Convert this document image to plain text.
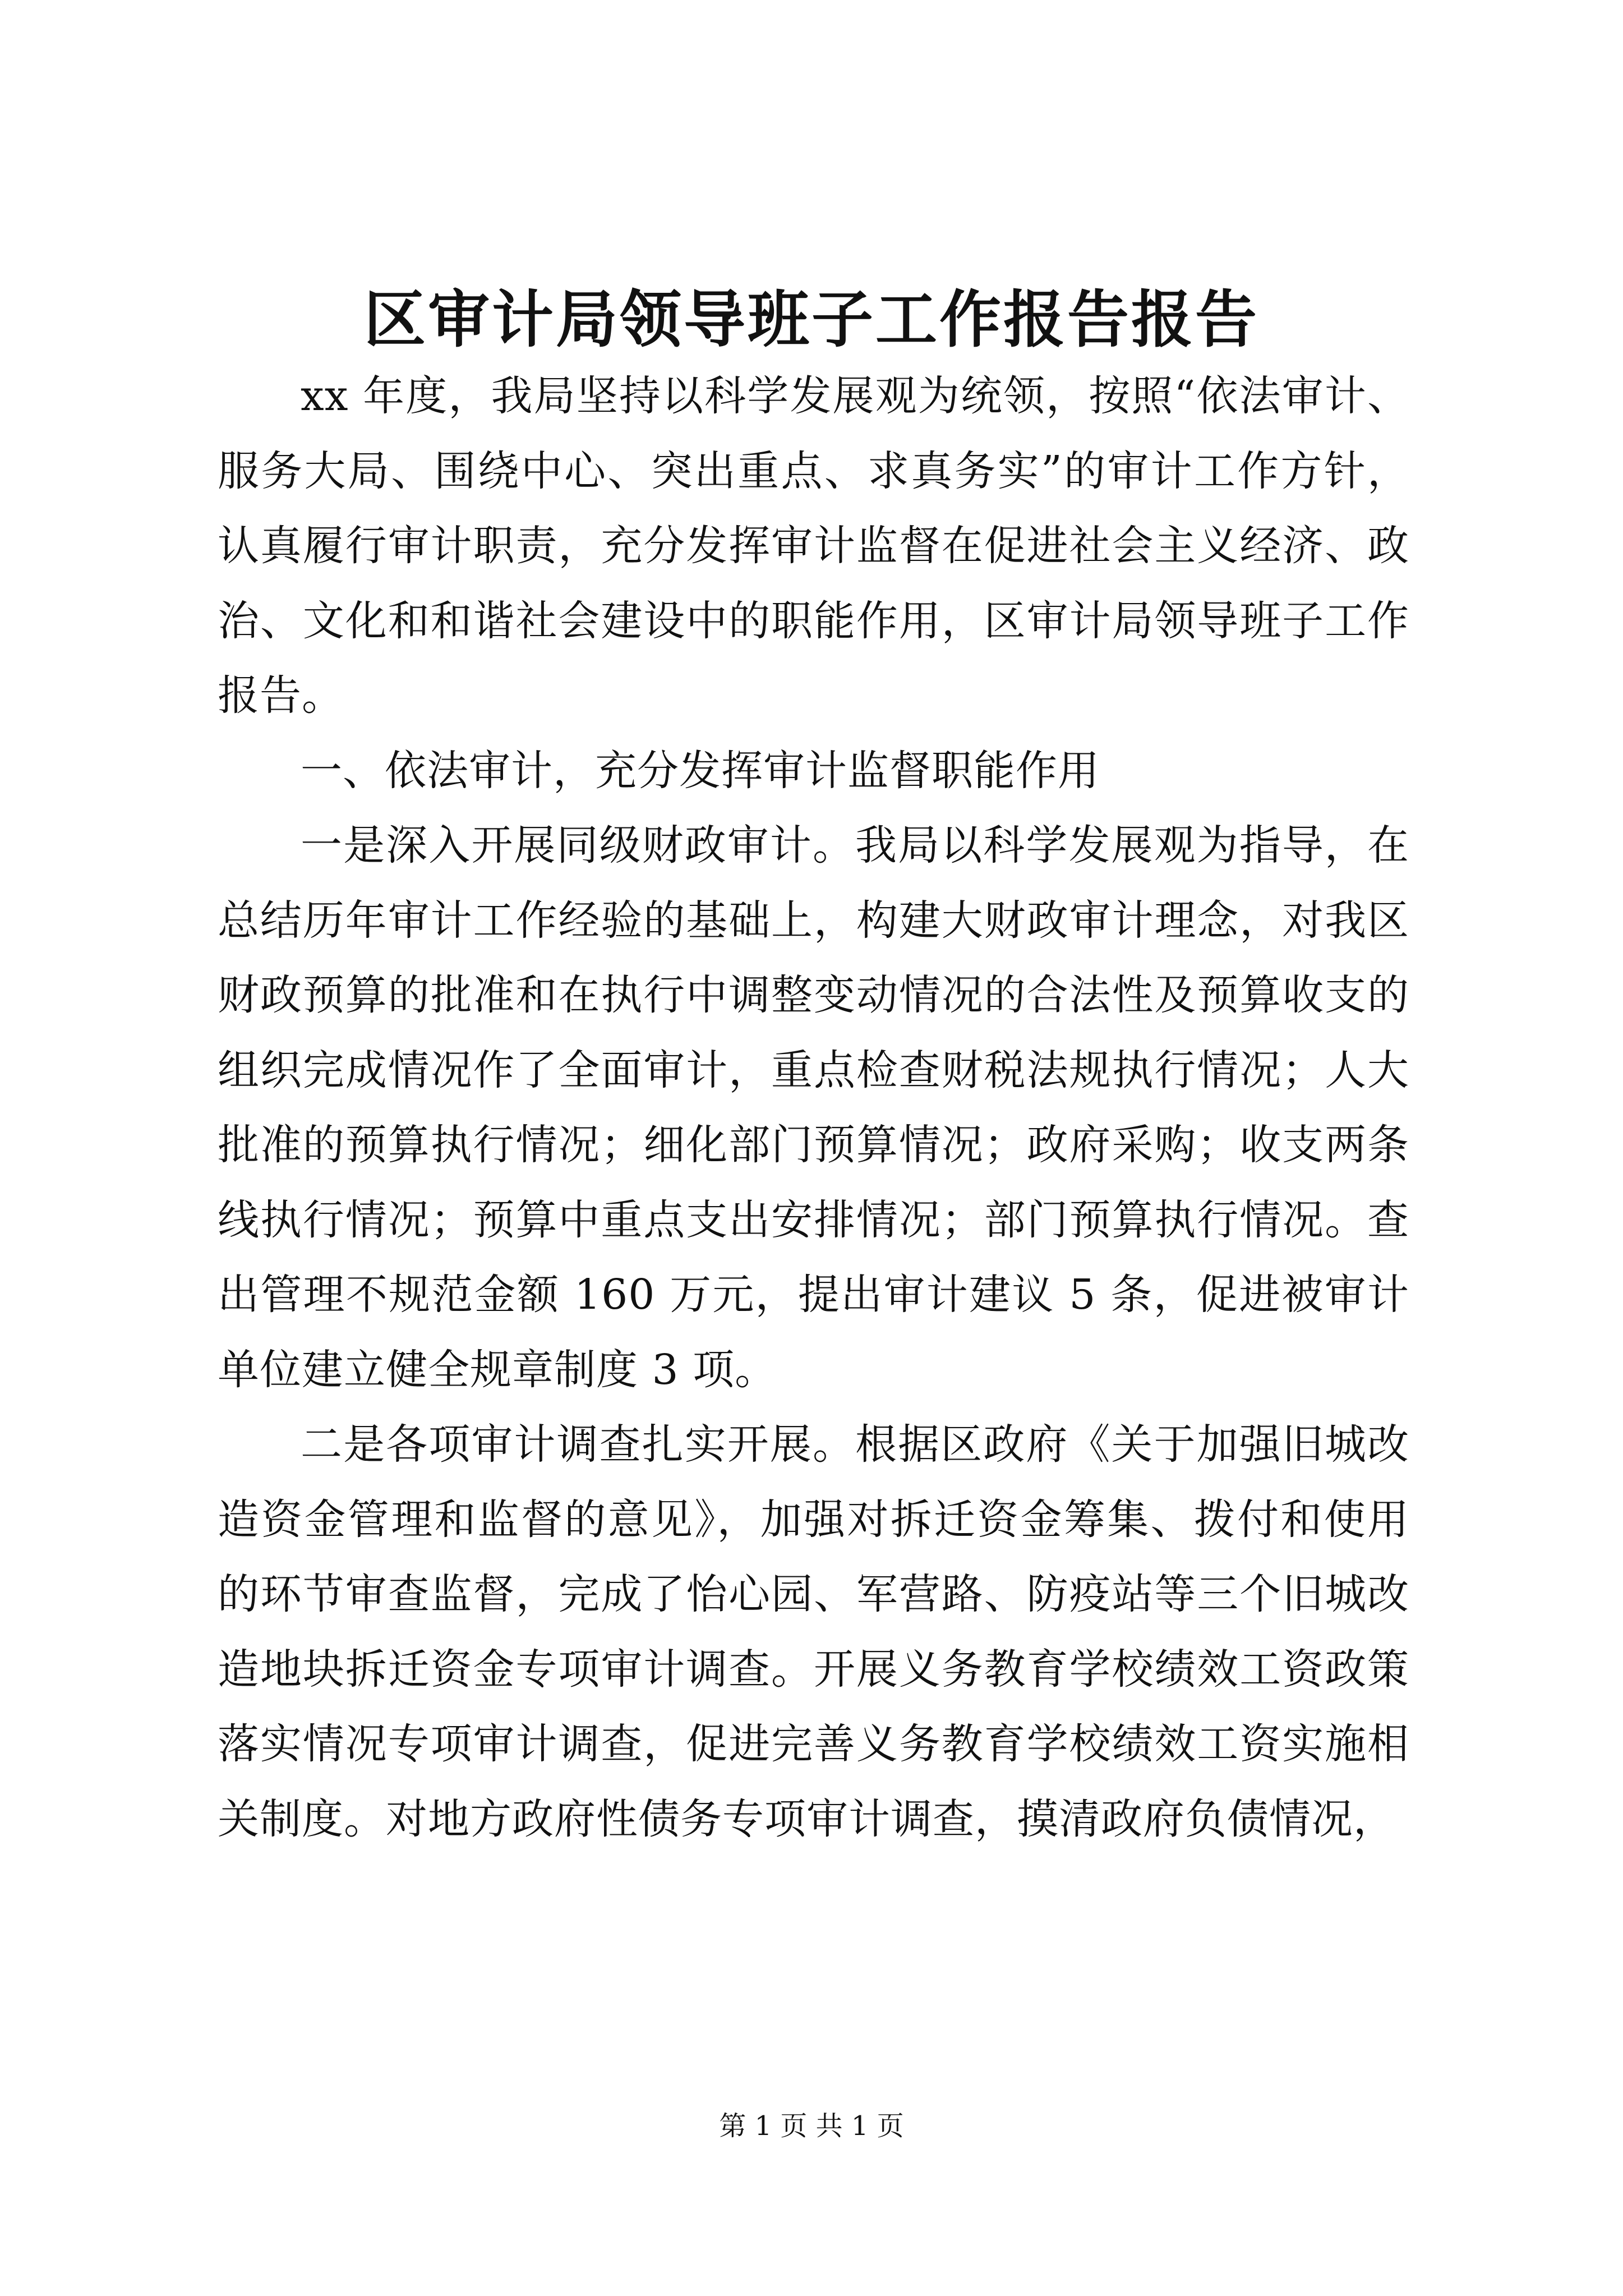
区审计局领导班子工作报告报告

xx 年度，我局坚持以科学发展观为统领，按照“依法审计、服务大局、围绕中心、突出重点、求真务实”的审计工作方针，认真履行审计职责，充分发挥审计监督在促进社会主义经济、政治、文化和和谐社会建设中的职能作用，区审计局领导班子工作报告。

一、依法审计，充分发挥审计监督职能作用

一是深入开展同级财政审计。我局以科学发展观为指导，在总结历年审计工作经验的基础上，构建大财政审计理念，对我区财政预算的批准和在执行中调整变动情况的合法性及预算收支的组织完成情况作了全面审计，重点检查财税法规执行情况；人大批准的预算执行情况；细化部门预算情况；政府采购；收支两条线执行情况；预算中重点支出安排情况；部门预算执行情况。查出管理不规范金额 160 万元，提出审计建议 5 条，促进被审计单位建立健全规章制度 3 项。

二是各项审计调查扎实开展。根据区政府《关于加强旧城改造资金管理和监督的意见》，加强对拆迁资金筹集、拨付和使用的环节审查监督，完成了怡心园、军营路、防疫站等三个旧城改造地块拆迁资金专项审计调查。开展义务教育学校绩效工资政策落实情况专项审计调查，促进完善义务教育学校绩效工资实施相关制度。对地方政府性债务专项审计调查，摸清政府负债情况，

第 1 页 共 1 页
